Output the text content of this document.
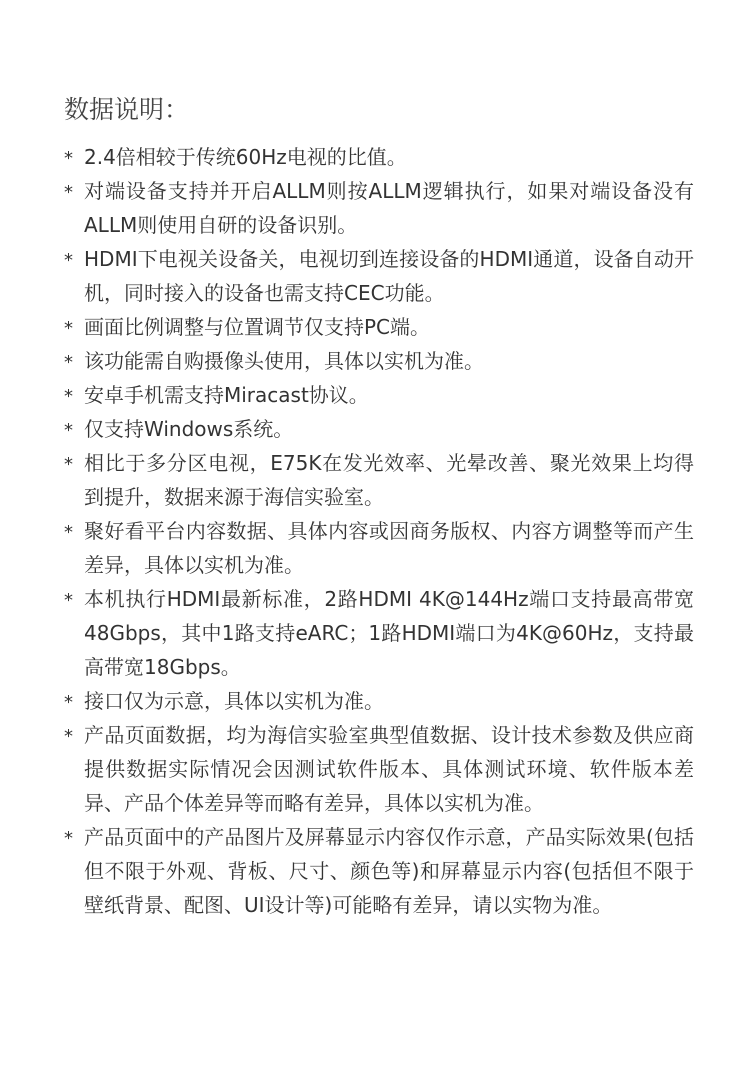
数据说明：
* 2.4倍相较于传统60Hz电视的比值。
* 对端设备支持并开启ALLM则按ALLM逻辑执行，如果对端设备没有ALLM则使用自研的设备识别。
* HDMI下电视关设备关，电视切到连接设备的HDMI通道，设备自动开机，同时接入的设备也需支持CEC功能。
* 画面比例调整与位置调节仅支持PC端。
* 该功能需自购摄像头使用，具体以实机为准。
* 安卓手机需支持Miracast协议。
* 仅支持Windows系统。
* 相比于多分区电视，E75K在发光效率、光晕改善、聚光效果上均得到提升，数据来源于海信实验室。
* 聚好看平台内容数据、具体内容或因商务版权、内容方调整等而产生差异，具体以实机为准。
* 本机执行HDMI最新标准，2路HDMI 4K@144Hz端口支持最高带宽48Gbps，其中1路支持eARC；1路HDMI端口为4K@60Hz，支持最高带宽18Gbps。
* 接口仅为示意，具体以实机为准。
* 产品页面数据，均为海信实验室典型值数据、设计技术参数及供应商提供数据实际情况会因测试软件版本、具体测试环境、软件版本差异、产品个体差异等而略有差异，具体以实机为准。
* 产品页面中的产品图片及屏幕显示内容仅作示意，产品实际效果(包括但不限于外观、背板、尺寸、颜色等)和屏幕显示内容(包括但不限于壁纸背景、配图、UI设计等)可能略有差异，请以实物为准。
